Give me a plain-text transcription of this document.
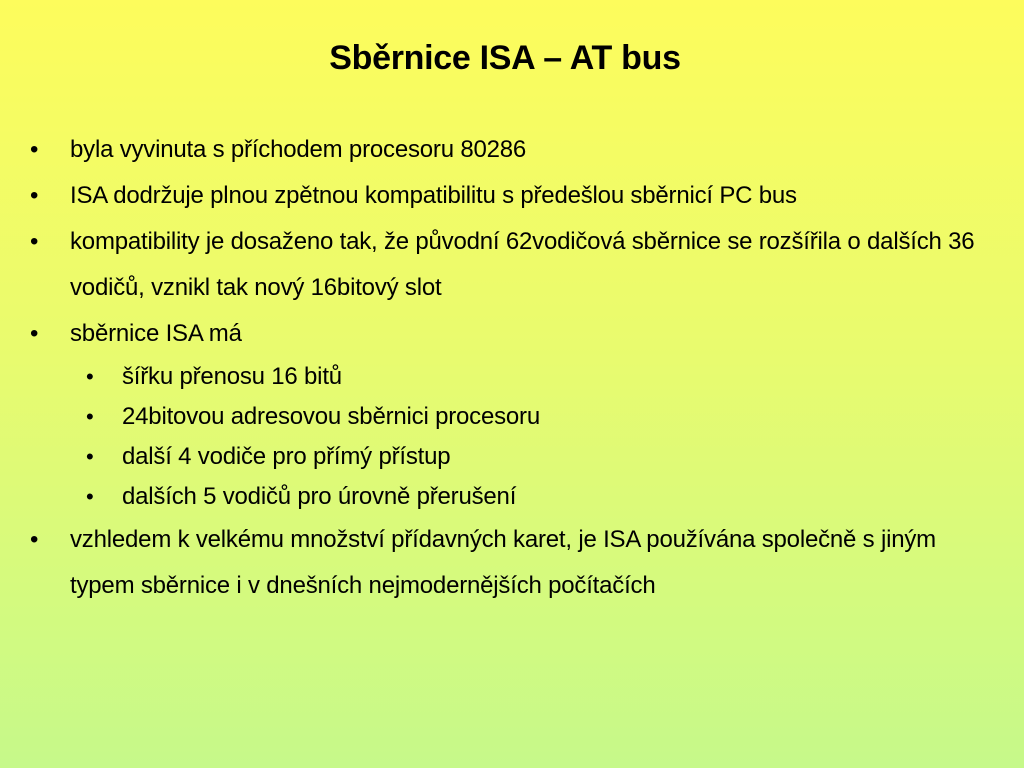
Sběrnice ISA – AT bus
• byla vyvinuta s příchodem procesoru 80286
• ISA dodržuje plnou zpětnou kompatibilitu s předešlou sběrnicí PC bus
• kompatibility je dosaženo tak, že původní 62vodičová sběrnice se rozšířila o dalších 36 vodičů, vznikl tak nový 16bitový slot
• sběrnice ISA má
• šířku přenosu 16 bitů
• 24bitovou adresovou sběrnici procesoru
• další 4 vodiče pro přímý přístup
• dalších 5 vodičů pro úrovně přerušení
• vzhledem k velkému množství přídavných karet, je ISA používána společně s jiným typem sběrnice i v dnešních nejmodernějších počítačích
